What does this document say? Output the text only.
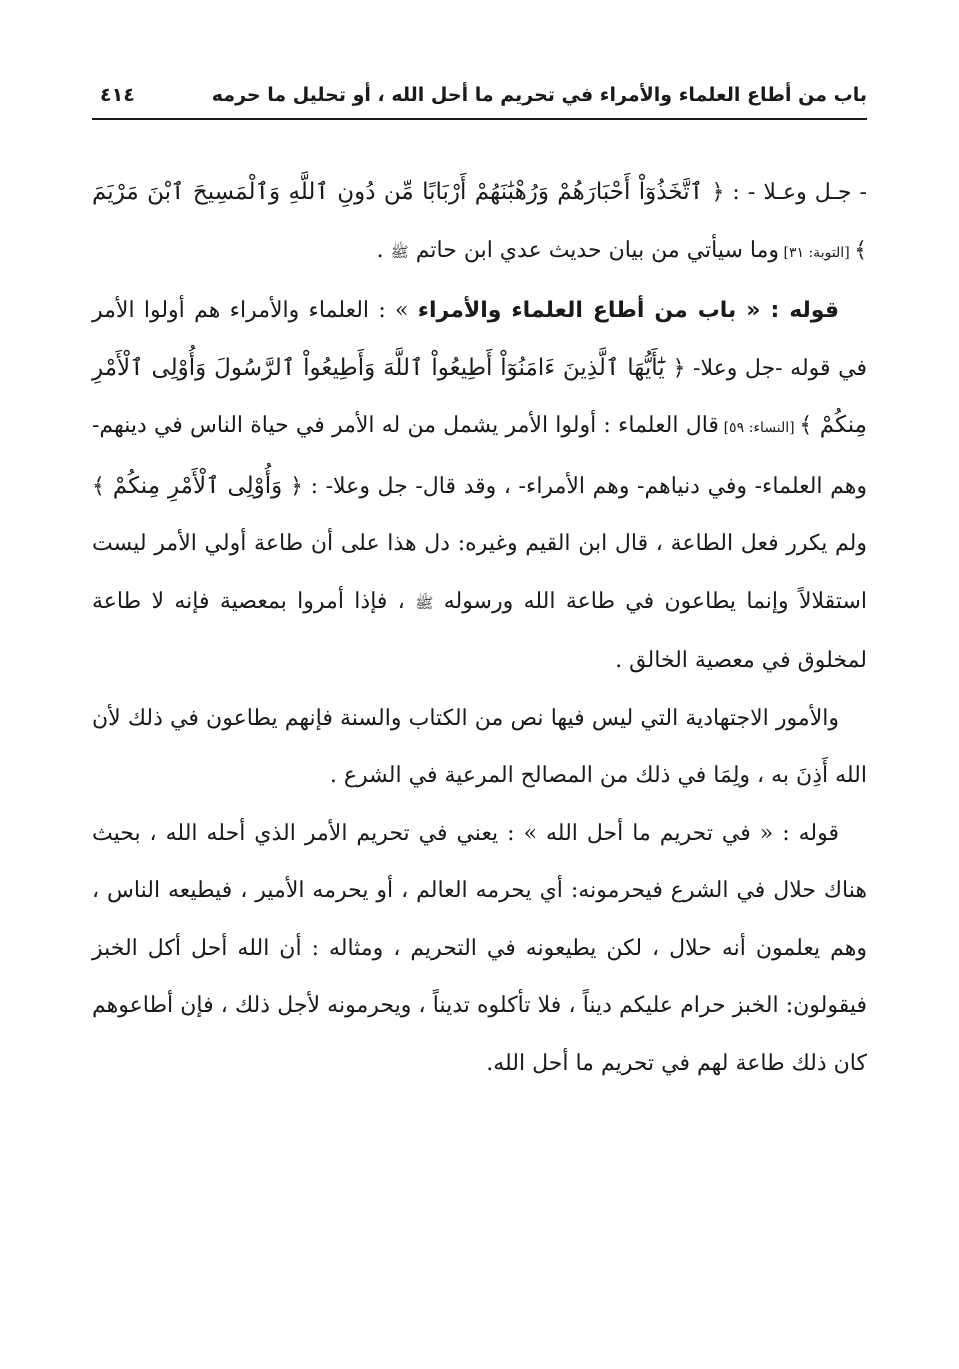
باب من أطاع العلماء والأمراء في تحريم ما أحل الله ، أو تحليل ما حرمه
٤١٤

- جـل وعـلا - : ﴿ ٱتَّخَذُوٓاْ أَحْبَارَهُمْ وَرُهْبَٰنَهُمْ أَرْبَابًا مِّن دُونِ ٱللَّهِ وَٱلْمَسِيحَ ٱبْنَ مَرْيَمَ ﴾ [التوبة: ٣١] وما سيأتي من بيان حديث عدي ابن حاتم ﷺ .

قوله : « باب من أطاع العلماء والأمراء » : العلماء والأمراء هم أولوا الأمر في قوله -جل وعلا- ﴿ يَٰٓأَيُّهَا ٱلَّذِينَ ءَامَنُوٓاْ أَطِيعُواْ ٱللَّهَ وَأَطِيعُواْ ٱلرَّسُولَ وَأُوْلِى ٱلْأَمْرِ مِنكُمْ ﴾ [النساء: ٥٩] قال العلماء : أولوا الأمر يشمل من له الأمر في حياة الناس في دينهم- وهم العلماء- وفي دنياهم- وهم الأمراء- ، وقد قال- جل وعلا- : ﴿ وَأُوْلِى ٱلْأَمْرِ مِنكُمْ ﴾ ولم يكرر فعل الطاعة ، قال ابن القيم وغيره: دل هذا على أن طاعة أولي الأمر ليست استقلالاً وإنما يطاعون في طاعة الله ورسوله ﷺ ، فإذا أمروا بمعصية فإنه لا طاعة لمخلوق في معصية الخالق .

والأمور الاجتهادية التي ليس فيها نص من الكتاب والسنة فإنهم يطاعون في ذلك لأن الله أَذِنَ به ، ولِمَا في ذلك من المصالح المرعية في الشرع .

قوله : « في تحريم ما أحل الله » : يعني في تحريم الأمر الذي أحله الله ، بحيث هناك حلال في الشرع فيحرمونه: أي يحرمه العالم ، أو يحرمه الأمير ، فيطيعه الناس ، وهم يعلمون أنه حلال ، لكن يطيعونه في التحريم ، ومثاله : أن الله أحل أكل الخبز فيقولون: الخبز حرام عليكم ديناً ، فلا تأكلوه تديناً ، ويحرمونه لأجل ذلك ، فإن أطاعوهم كان ذلك طاعة لهم في تحريم ما أحل الله.
